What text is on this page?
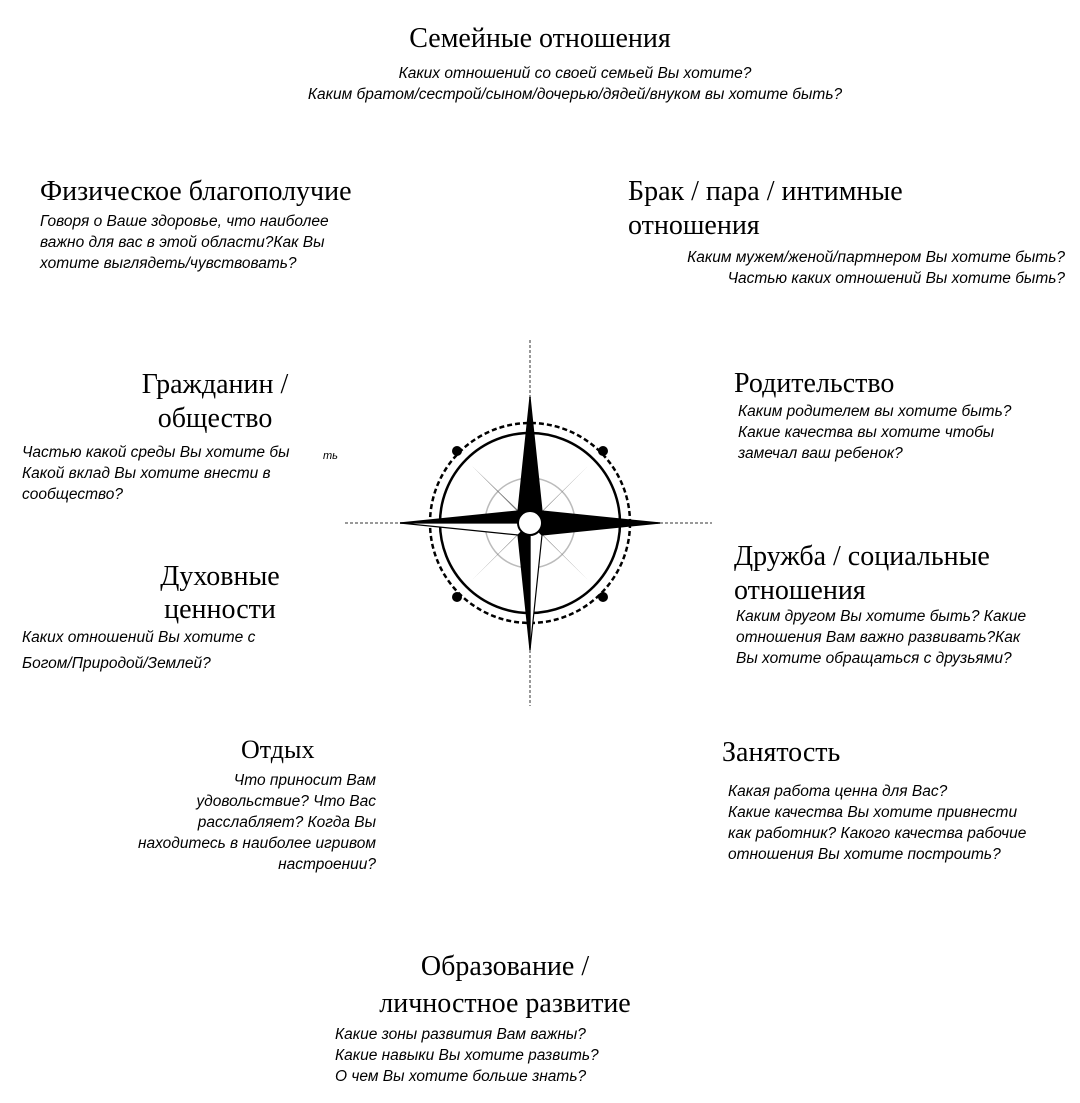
Семейные отношения
Каких отношений со своей семьей Вы хотите?
Каким братом/сестрой/сыном/дочерью/дядей/внуком вы хотите быть?
Физическое благополучие
Говоря о Ваше здоровье, что наиболее
важно для вас в этой области?Как Вы
хотите выглядеть/чувствовать?
Брак / пара / интимные
отношения
Каким мужем/женой/партнером Вы хотите быть?
Частью каких отношений Вы хотите быть?
Гражданин /
общество
Частью какой среды Вы хотите бы
Какой вклад Вы хотите внести в
сообщество?
ть
Родительство
Каким родителем вы хотите быть?
Какие качества вы хотите чтобы
замечал ваш ребенок?
Духовные
ценности
Каких отношений Вы хотите с
Богом/Природой/Землей?
Дружба / социальные
отношения
Каким другом Вы хотите быть? Какие
отношения Вам важно развивать?Как
Вы хотите обращаться с друзьями?
Отдых
Что приносит Вам
удовольствие? Что Вас
расслабляет? Когда Вы
находитесь в наиболее игривом
настроении?
Занятость
Какая работа ценна для Вас?
Какие качества Вы хотите привнести
как работник? Какого качества рабочие
отношения Вы хотите построить?
Образование /
личностное развитие
Какие зоны развития Вам важны?
Какие навыки Вы хотите развить?
О чем Вы хотите больше знать?
